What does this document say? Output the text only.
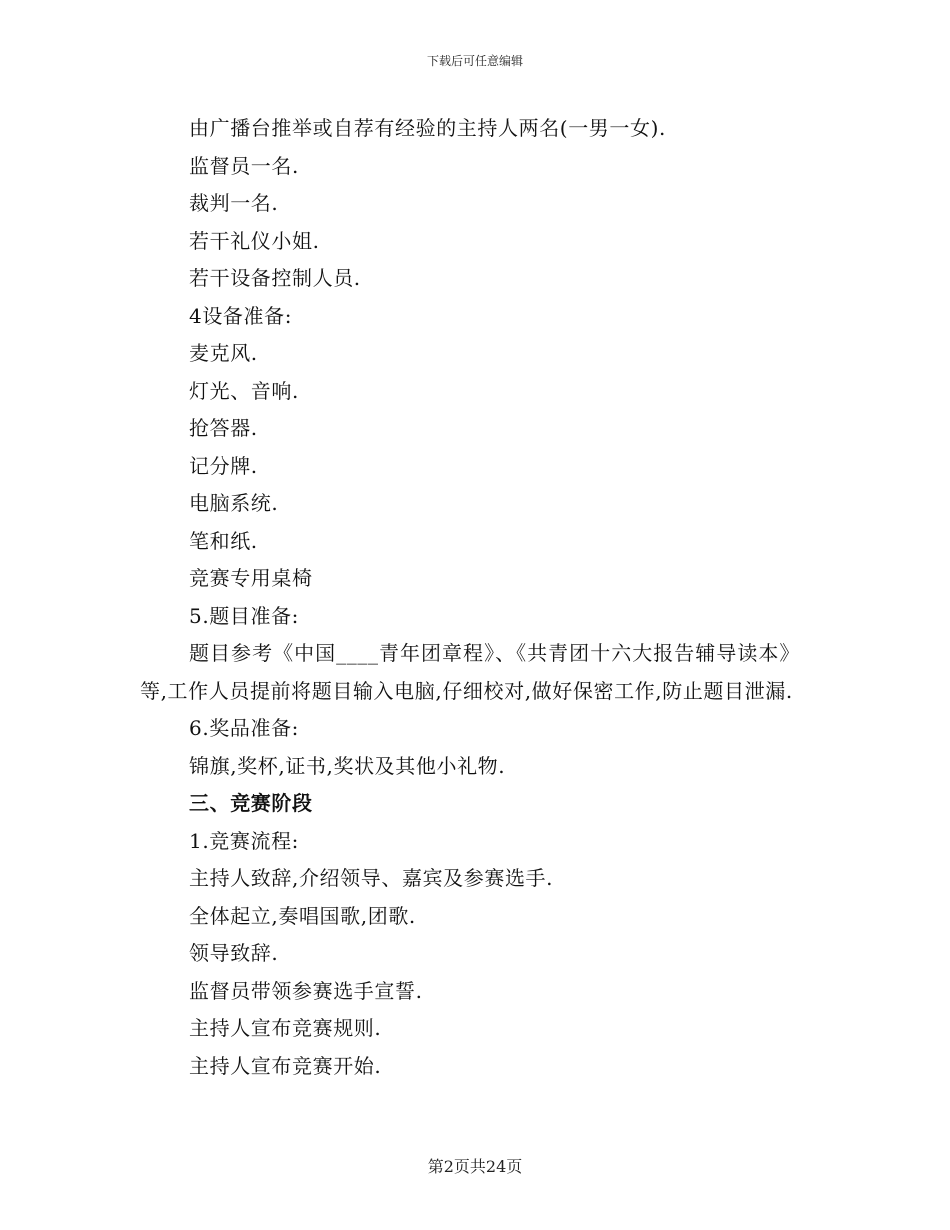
下载后可任意编辑
由广播台推举或自荐有经验的主持人两名(一男一女).
监督员一名.
裁判一名.
若干礼仪小姐.
若干设备控制人员.
4设备准备:
麦克风.
灯光、音响.
抢答器.
记分牌.
电脑系统.
笔和纸.
竞赛专用桌椅
5.题目准备:
题目参考《中国____青年团章程》、《共青团十六大报告辅导读本》等,工作人员提前将题目输入电脑,仔细校对,做好保密工作,防止题目泄漏.
6.奖品准备:
锦旗,奖杯,证书,奖状及其他小礼物.
三、竞赛阶段
1.竞赛流程:
主持人致辞,介绍领导、嘉宾及参赛选手.
全体起立,奏唱国歌,团歌.
领导致辞.
监督员带领参赛选手宣誓.
主持人宣布竞赛规则.
主持人宣布竞赛开始.
第2页共24页
